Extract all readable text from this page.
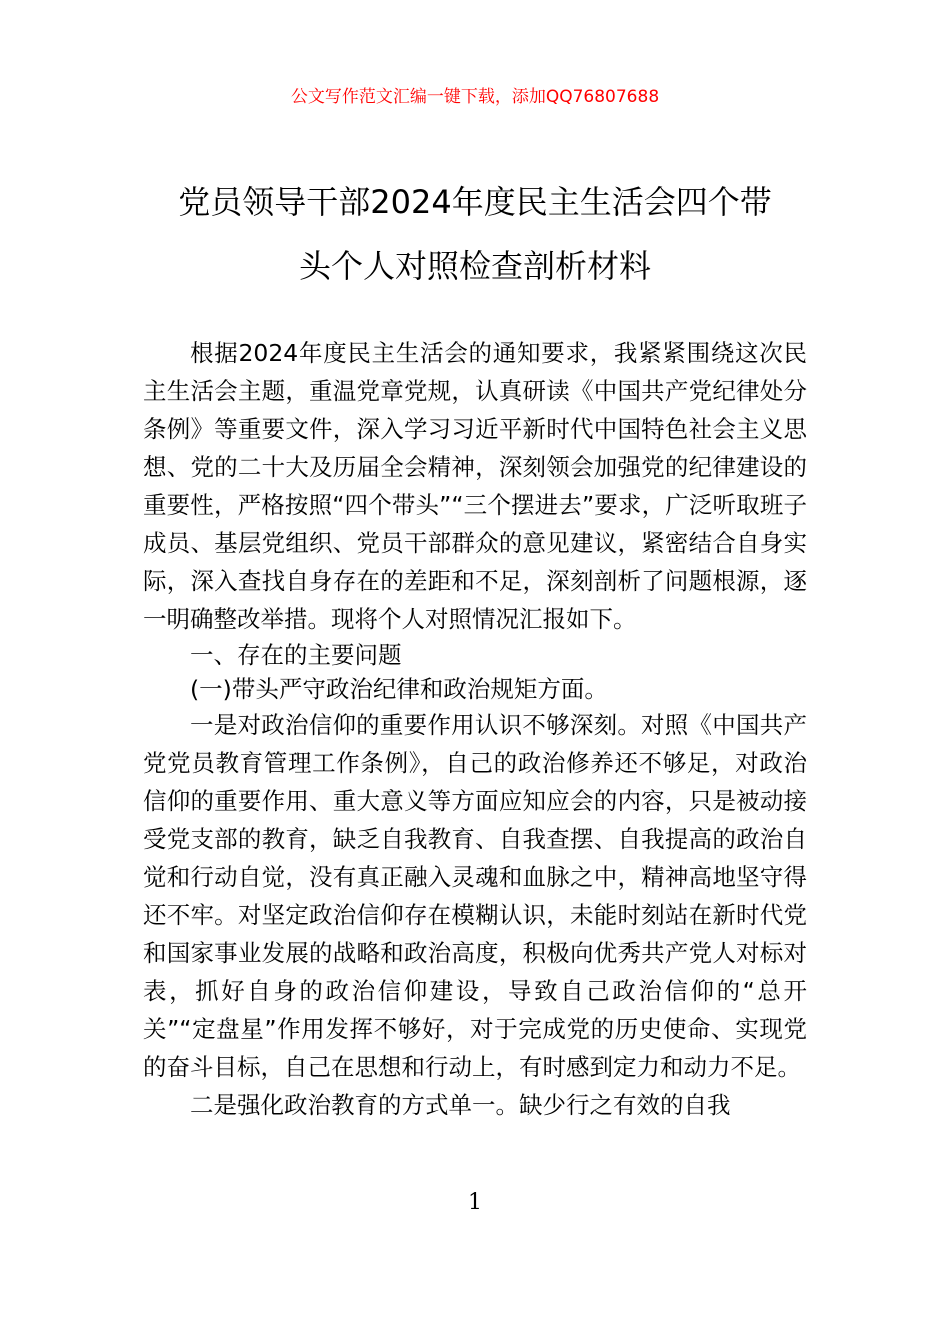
公文写作范文汇编一键下载，添加QQ76807688
党员领导干部2024年度民主生活会四个带
头个人对照检查剖析材料

根据2024年度民主生活会的通知要求，我紧紧围绕这次民主生活会主题，重温党章党规，认真研读《中国共产党纪律处分条例》等重要文件，深入学习习近平新时代中国特色社会主义思想、党的二十大及历届全会精神，深刻领会加强党的纪律建设的重要性，严格按照“四个带头”“三个摆进去”要求，广泛听取班子成员、基层党组织、党员干部群众的意见建议，紧密结合自身实际，深入查找自身存在的差距和不足，深刻剖析了问题根源，逐一明确整改举措。现将个人对照情况汇报如下。

一、存在的主要问题

(一)带头严守政治纪律和政治规矩方面。

一是对政治信仰的重要作用认识不够深刻。对照《中国共产党党员教育管理工作条例》，自己的政治修养还不够足，对政治信仰的重要作用、重大意义等方面应知应会的内容，只是被动接受党支部的教育，缺乏自我教育、自我查摆、自我提高的政治自觉和行动自觉，没有真正融入灵魂和血脉之中，精神高地坚守得还不牢。对坚定政治信仰存在模糊认识，未能时刻站在新时代党和国家事业发展的战略和政治高度，积极向优秀共产党人对标对表，抓好自身的政治信仰建设，导致自己政治信仰的“总开关”“定盘星”作用发挥不够好，对于完成党的历史使命、实现党的奋斗目标，自己在思想和行动上，有时感到定力和动力不足。

二是强化政治教育的方式单一。缺少行之有效的自我

1
